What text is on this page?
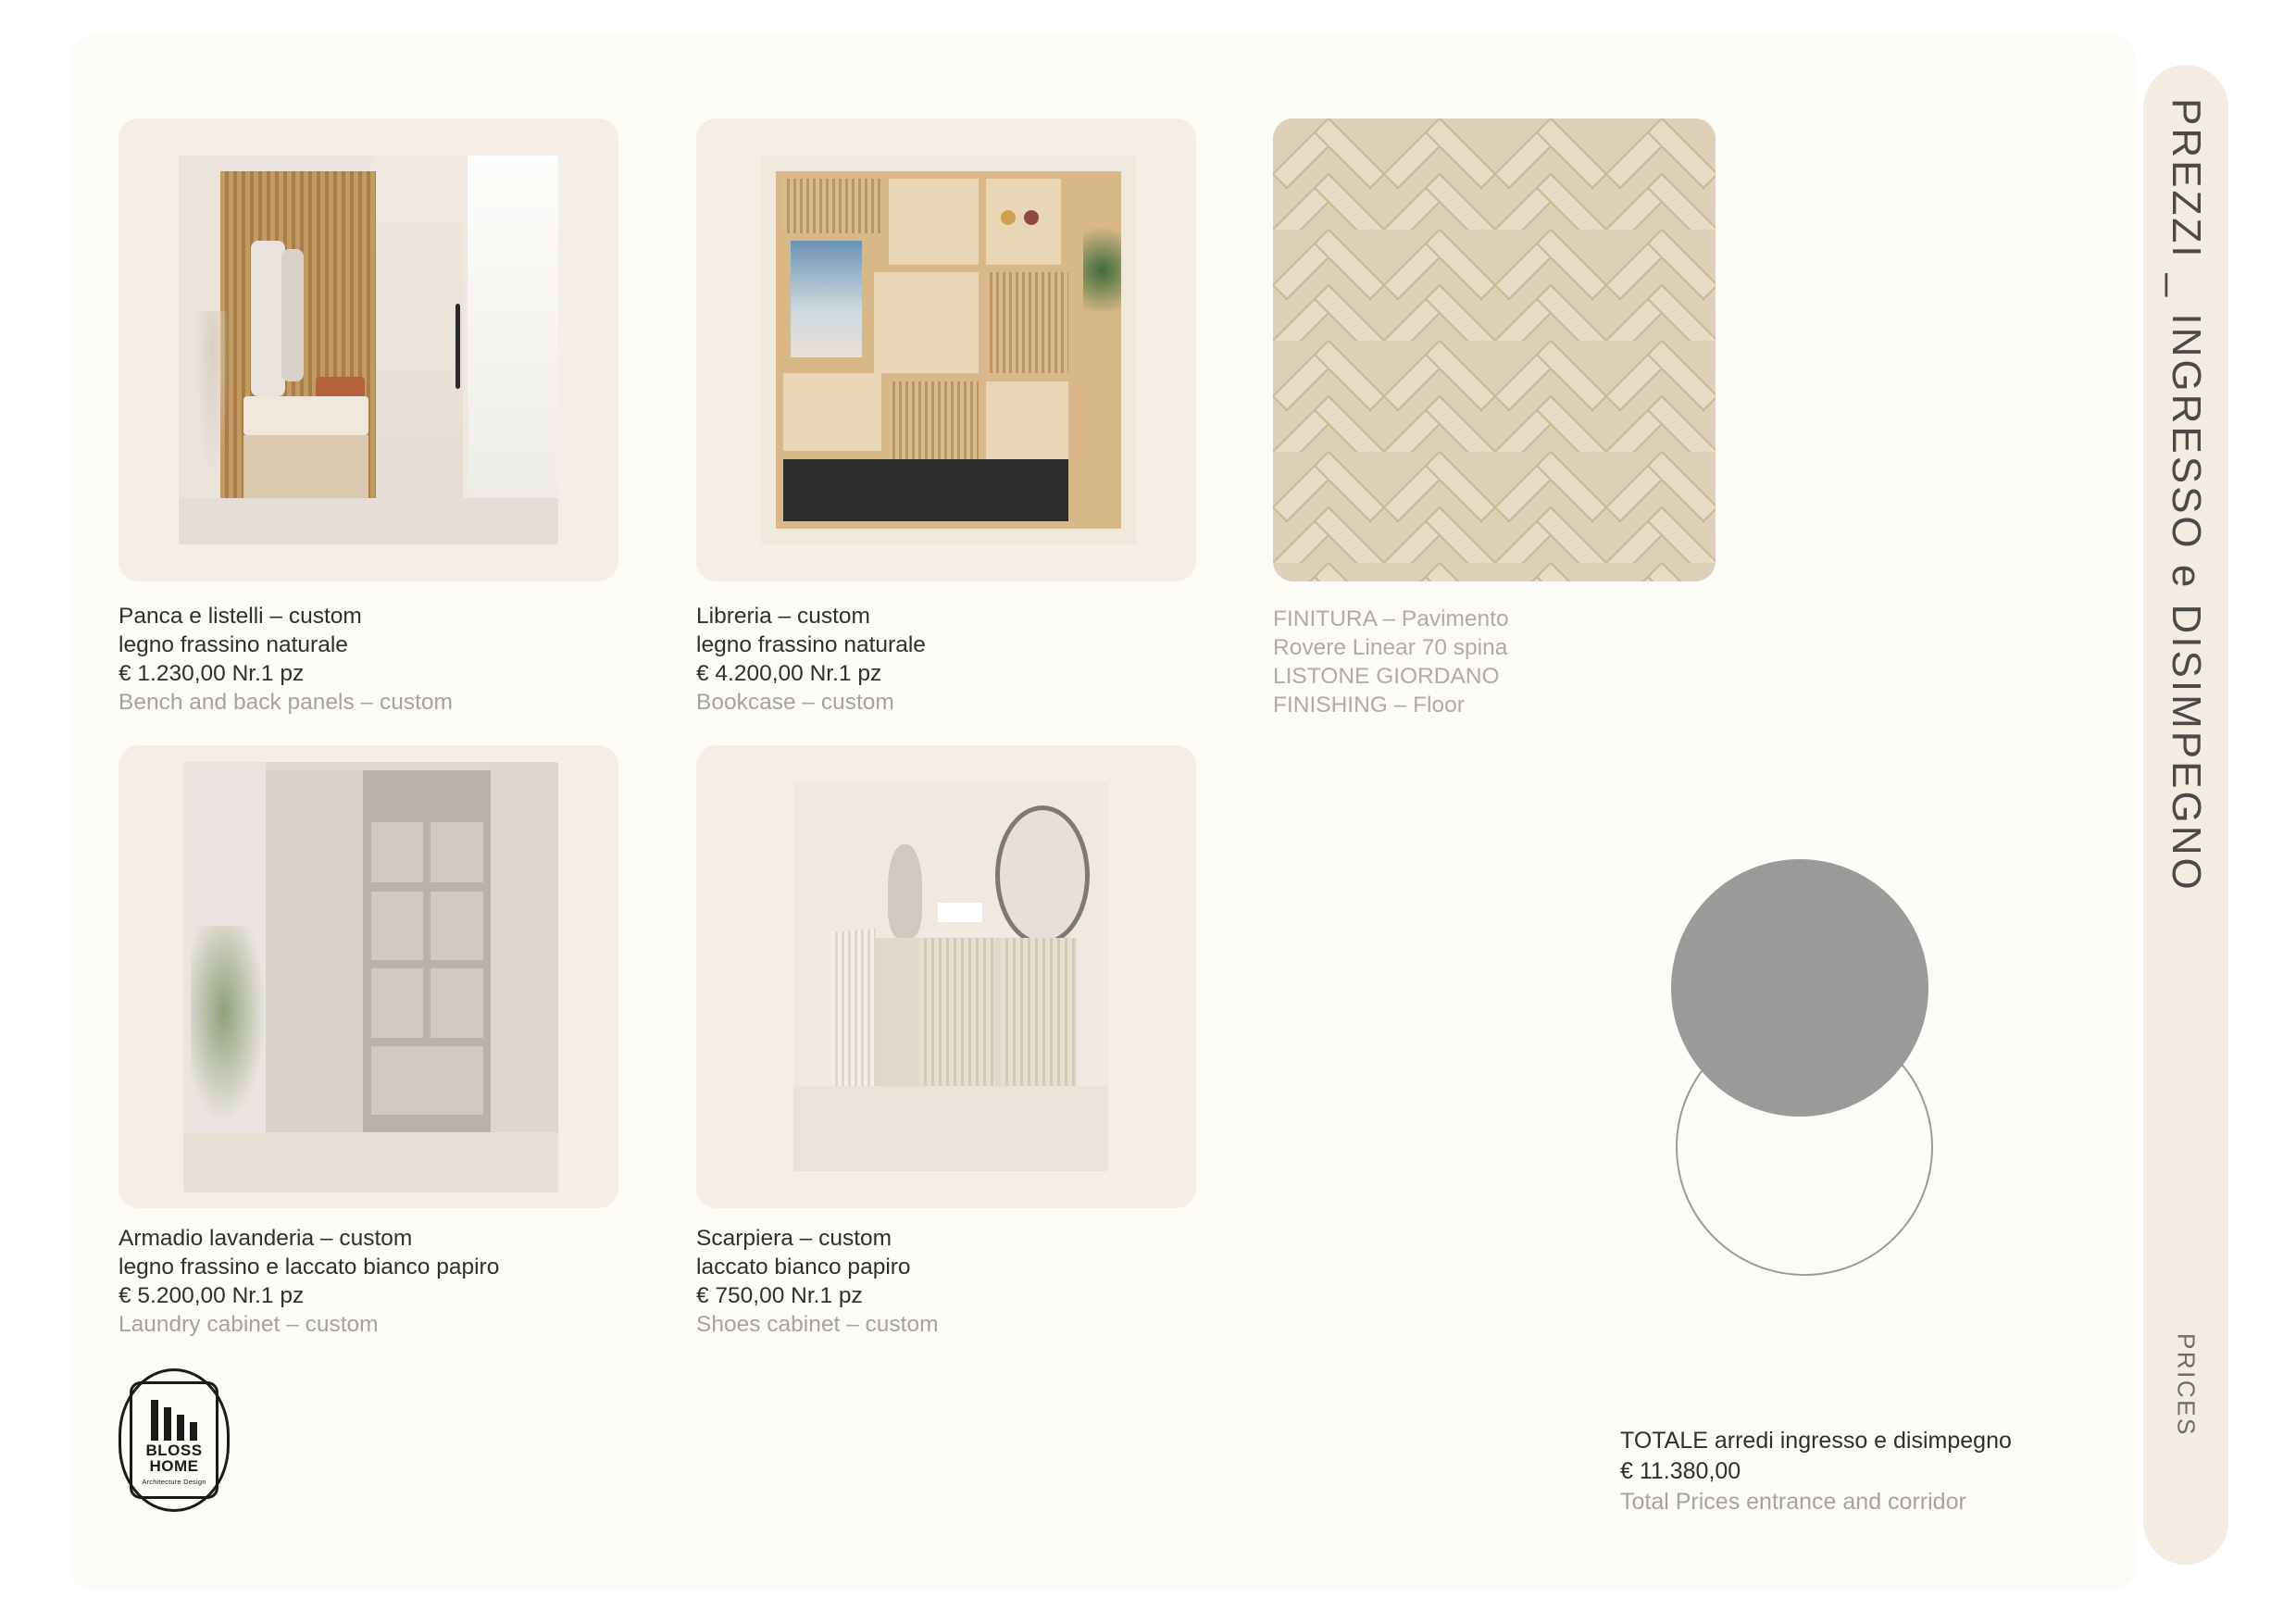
PREZZI _ INGRESSO e DISIMPEGNO
PRICES
Panca e listelli – custom
legno frassino naturale
€ 1.230,00 Nr.1 pz
Bench and back panels – custom
Libreria – custom
legno frassino naturale
€ 4.200,00 Nr.1 pz
Bookcase – custom
FINITURA – Pavimento
Rovere Linear 70 spina
LISTONE GIORDANO
FINISHING – Floor
Armadio lavanderia – custom
legno frassino e laccato bianco papiro
€ 5.200,00 Nr.1 pz
Laundry cabinet – custom
Scarpiera – custom
laccato bianco papiro
€ 750,00 Nr.1 pz
Shoes cabinet – custom
TOTALE arredi ingresso e disimpegno
€ 11.380,00
Total Prices entrance and corridor
BLOSS
HOME
Architecture Design
